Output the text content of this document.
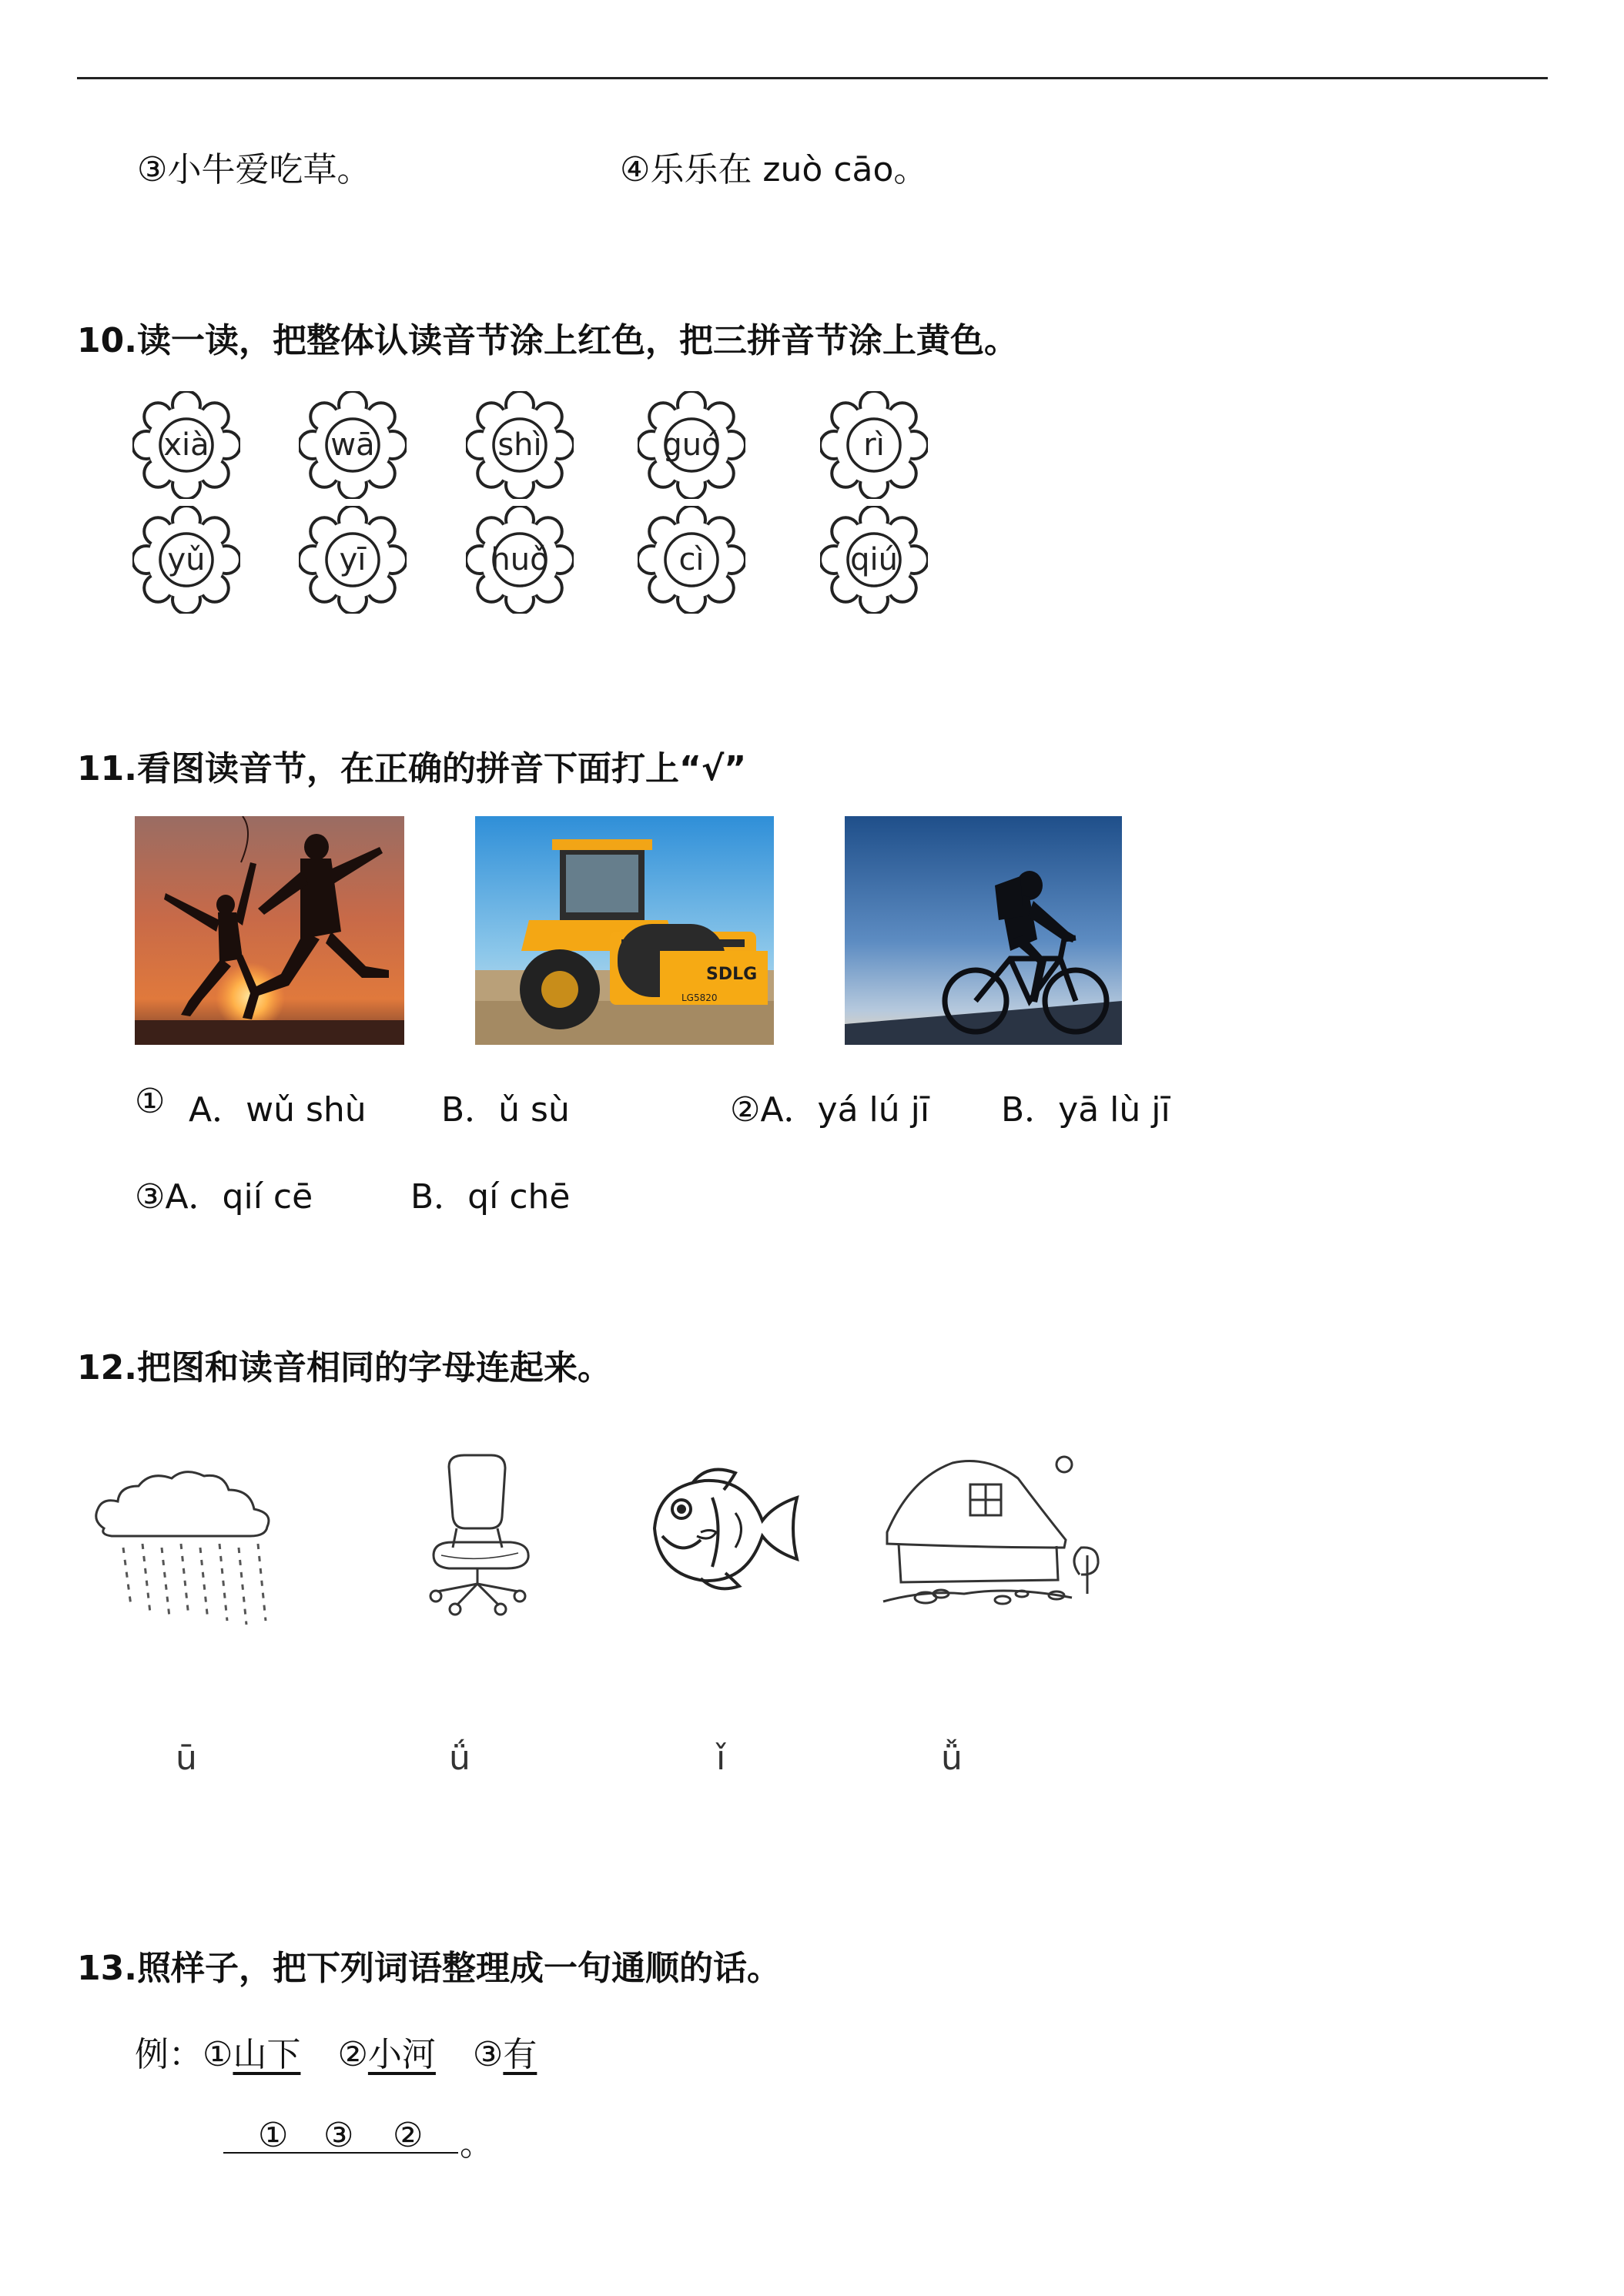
③小牛爱吃草。	④乐乐在 zuò cāo。
10.读一读，把整体认读音节涂上红色，把三拼音节涂上黄色。
xià	wā	shì	guó	rì
yǔ	yī	huǒ	cì	qiú
11.看图读音节，在正确的拼音下面打上“√”
SDLG
LG5820
① A．wǔ shù B．ǔ sù	②A．yá lú jī B．yā lù jī
③A．qií cē	B．qí chē
12.把图和读音相同的字母连起来。
ū	ǘ	ǐ	ǚ
13.照样子，把下列词语整理成一句通顺的话。
例：①山下 ②小河 ③有
① ③ ② 。
